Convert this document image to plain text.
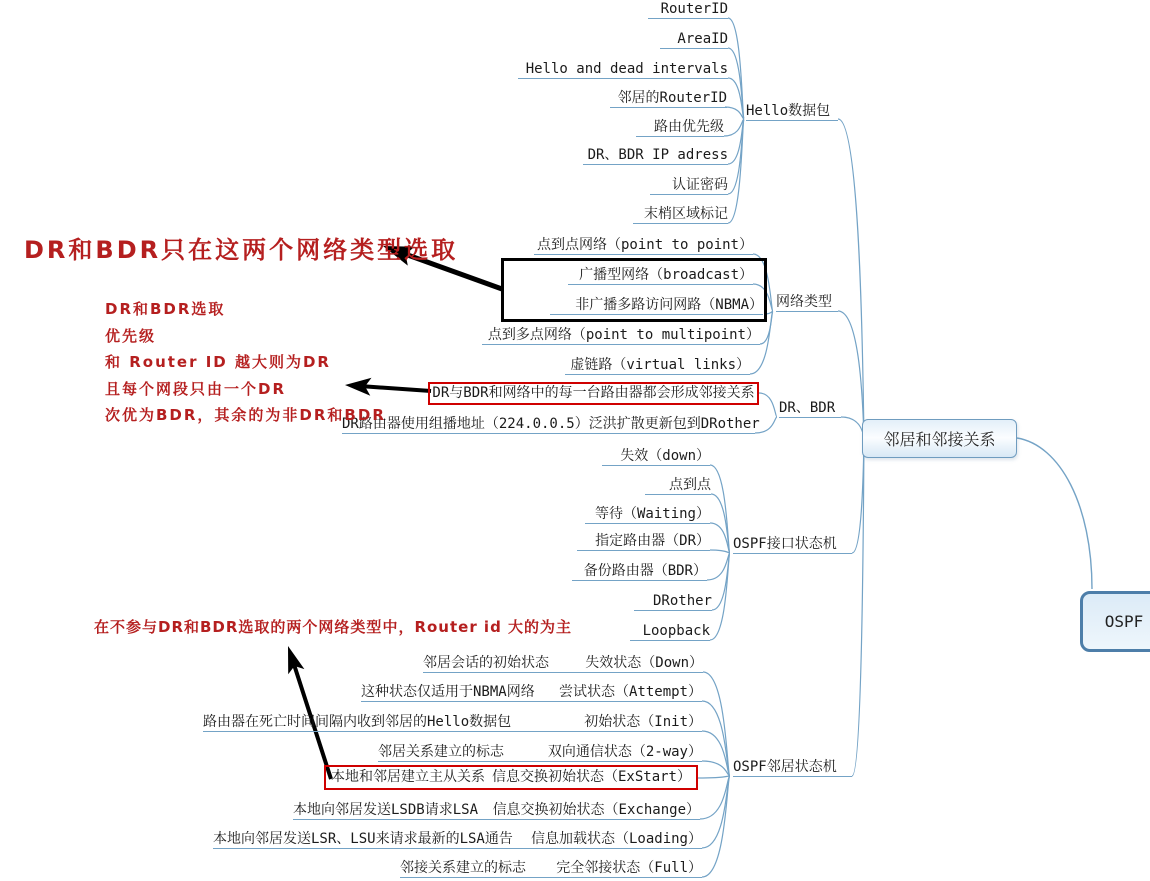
RouterID
AreaID
Hello and dead intervals
邻居的RouterID
路由优先级
DR、BDR IP adress
认证密码
末梢区域标记
Hello数据包
点到点网络（point to point）
广播型网络（broadcast）
非广播多路访问网路（NBMA）
点到多点网络（point to multipoint）
虚链路（virtual links）
网络类型
DR与BDR和网络中的每一台路由器都会形成邻接关系
DR路由器使用组播地址（224.0.0.5）泛洪扩散更新包到DRother
DR、BDR
失效（down）
点到点
等待（Waiting）
指定路由器（DR）
备份路由器（BDR）
DRother
Loopback
OSPF接口状态机
邻居会话的初始状态	失效状态（Down）
这种状态仅适用于NBMA网络 尝试状态（Attempt）
路由器在死亡时间间隔内收到邻居的Hello数据包	初始状态（Init）
邻居关系建立的标志	双向通信状态（2-way）
本地和邻居建立主从关系 信息交换初始状态（ExStart）
本地向邻居发送LSDB请求LSA 信息交换初始状态（Exchange）
本地向邻居发送LSR、LSU来请求最新的LSA通告 信息加载状态（Loading）
邻接关系建立的标志 完全邻接状态（Full）
OSPF邻居状态机
邻居和邻接关系
OSPF
DR和BDR只在这两个网络类型选取
DR和BDR选取
优先级
和 Router ID 越大则为DR
且每个网段只由一个DR
次优为BDR，其余的为非DR和BDR
在不参与DR和BDR选取的两个网络类型中，Router id 大的为主
